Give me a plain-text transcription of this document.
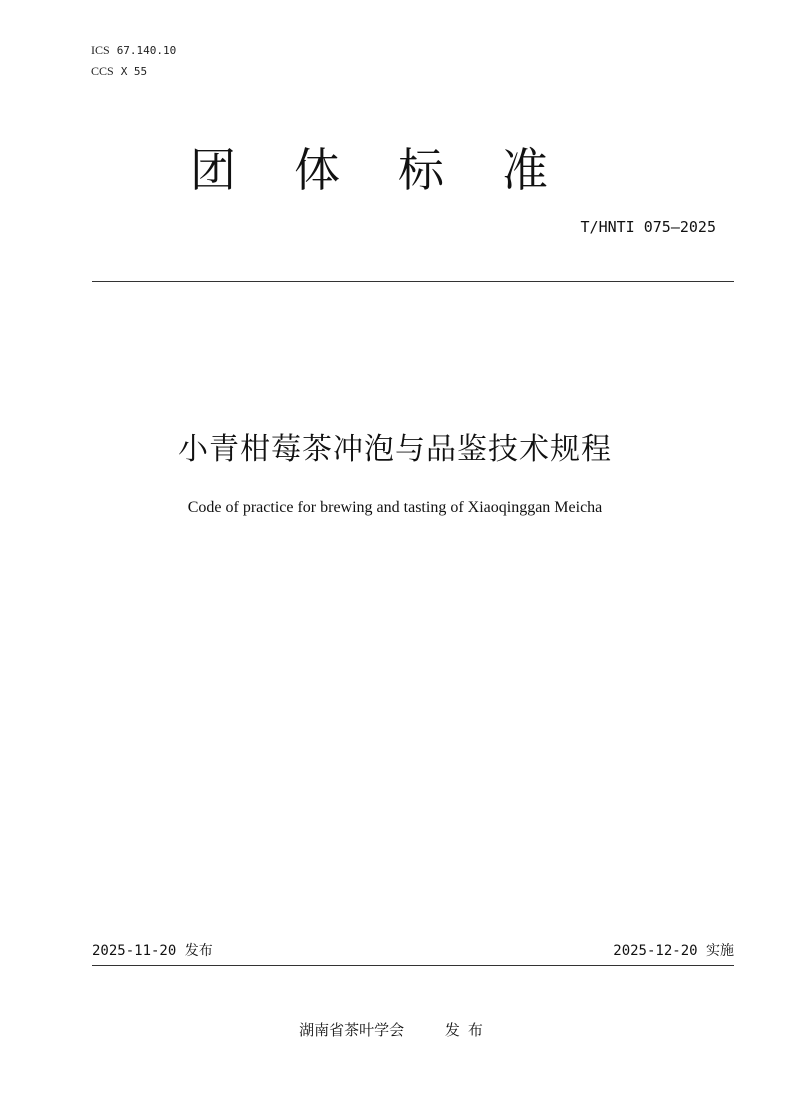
ICS 67.140.10
CCS X 55
团体标准
T/HNTI 075—2025
小青柑莓茶冲泡与品鉴技术规程
Code of practice for brewing and tasting of Xiaoqinggan Meicha
2025-11-20 发布	2025-12-20 实施
湖南省茶叶学会	发布
